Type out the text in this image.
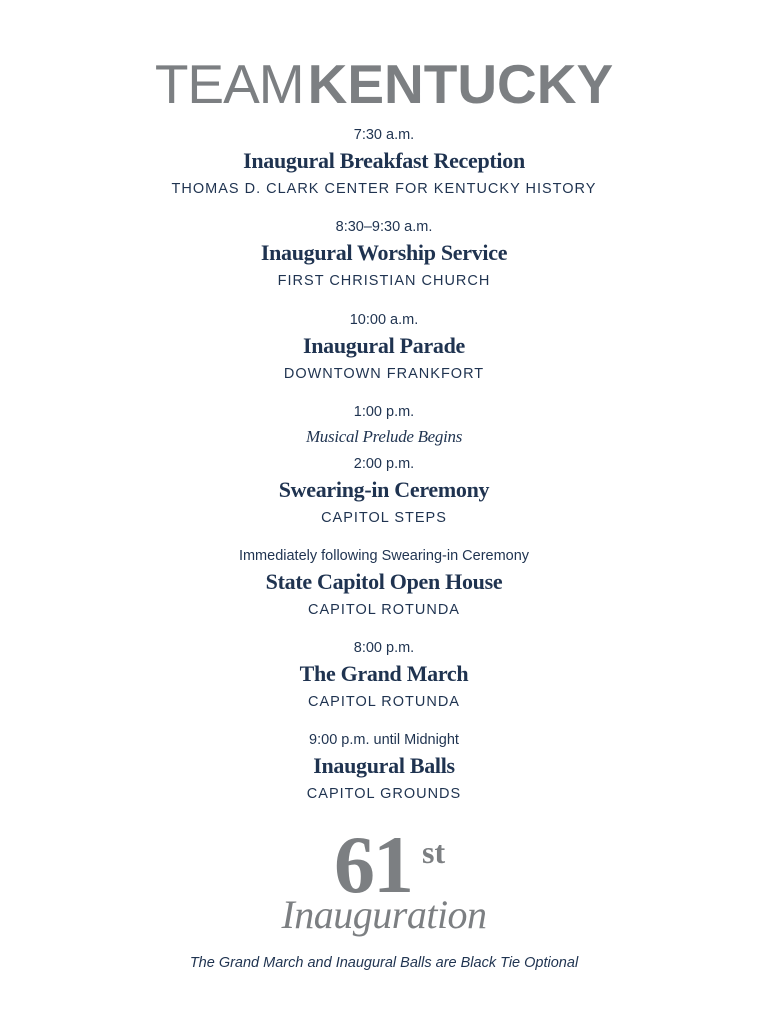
TEAMKENTUCKY
7:30 a.m.
Inaugural Breakfast Reception
THOMAS D. CLARK CENTER FOR KENTUCKY HISTORY
8:30–9:30 a.m.
Inaugural Worship Service
FIRST CHRISTIAN CHURCH
10:00 a.m.
Inaugural Parade
DOWNTOWN FRANKFORT
1:00 p.m.
Musical Prelude Begins
2:00 p.m.
Swearing-in Ceremony
CAPITOL STEPS
Immediately following Swearing-in Ceremony
State Capitol Open House
CAPITOL ROTUNDA
8:00 p.m.
The Grand March
CAPITOL ROTUNDA
9:00 p.m. until Midnight
Inaugural Balls
CAPITOL GROUNDS
61 st
Inauguration
The Grand March and Inaugural Balls are Black Tie Optional
